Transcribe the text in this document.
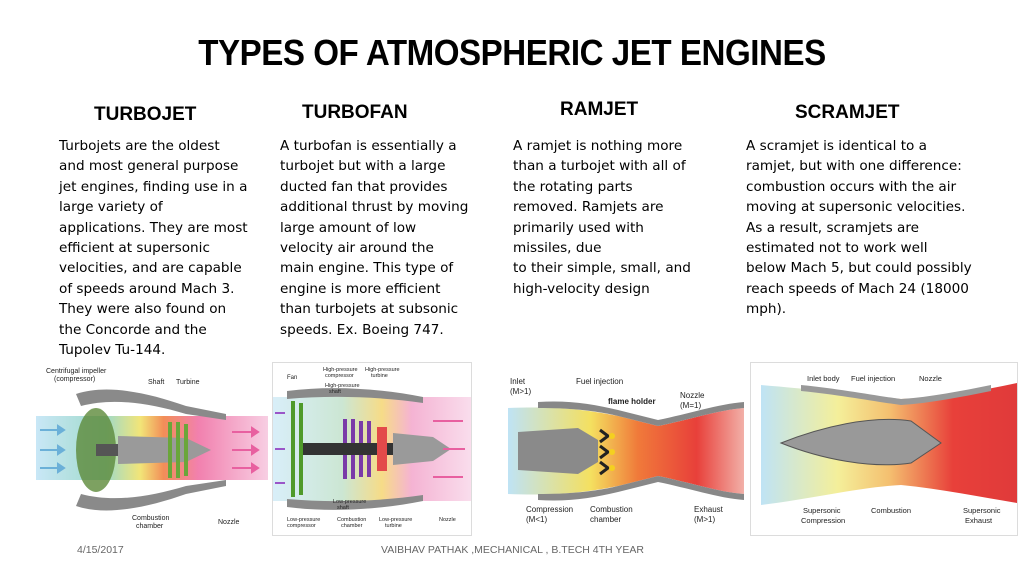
TYPES OF ATMOSPHERIC JET ENGINES
TURBOJET	TURBOFAN	RAMJET	SCRAMJET
Turbojets are the oldest
and most general purpose
jet engines, finding use in a
large variety of
applications. They are most
efficient at supersonic
velocities, and are capable
of speeds around Mach 3.
They were also found on
the Concorde and the
Tupolev Tu-144.
A turbofan is essentially a
turbojet but with a large
ducted fan that provides
additional thrust by moving
large amount of low
velocity air around the
main engine. This type of
engine is more efficient
than turbojets at subsonic
speeds. Ex. Boeing 747.
A ramjet is nothing more
than a turbojet with all of
the rotating parts
removed. Ramjets are
primarily used with
missiles, due
to their simple, small, and
high-velocity design
A scramjet is identical to a
ramjet, but with one difference:
combustion occurs with the air
moving at supersonic velocities.
As a result, scramjets are
estimated not to work well
below Mach 5, but could possibly
reach speeds of Mach 24 (18000
mph).
Centrifugal impeller
(compressor)	Shaft Turbine
Combustion
chamber
Nozzle
Fan
High-pressure
compressor
High-pressure
turbine
High-pressure
shaft
Low-pressure
shaft
Low-pressure
compressor
Combustion
chamber
Low-pressure
turbine
Nozzle
Inlet
(M>1)
Fuel injection
flame holder
Nozzle
(M=1)
Compression
(M<1)
Combustion
chamber
Exhaust
(M>1)
Inlet body Fuel injection	Nozzle
Supersonic
Compression
Combustion	Supersonic
Exhaust
4/15/2017	VAIBHAV PATHAK ,MECHANICAL , B.TECH 4TH YEAR
